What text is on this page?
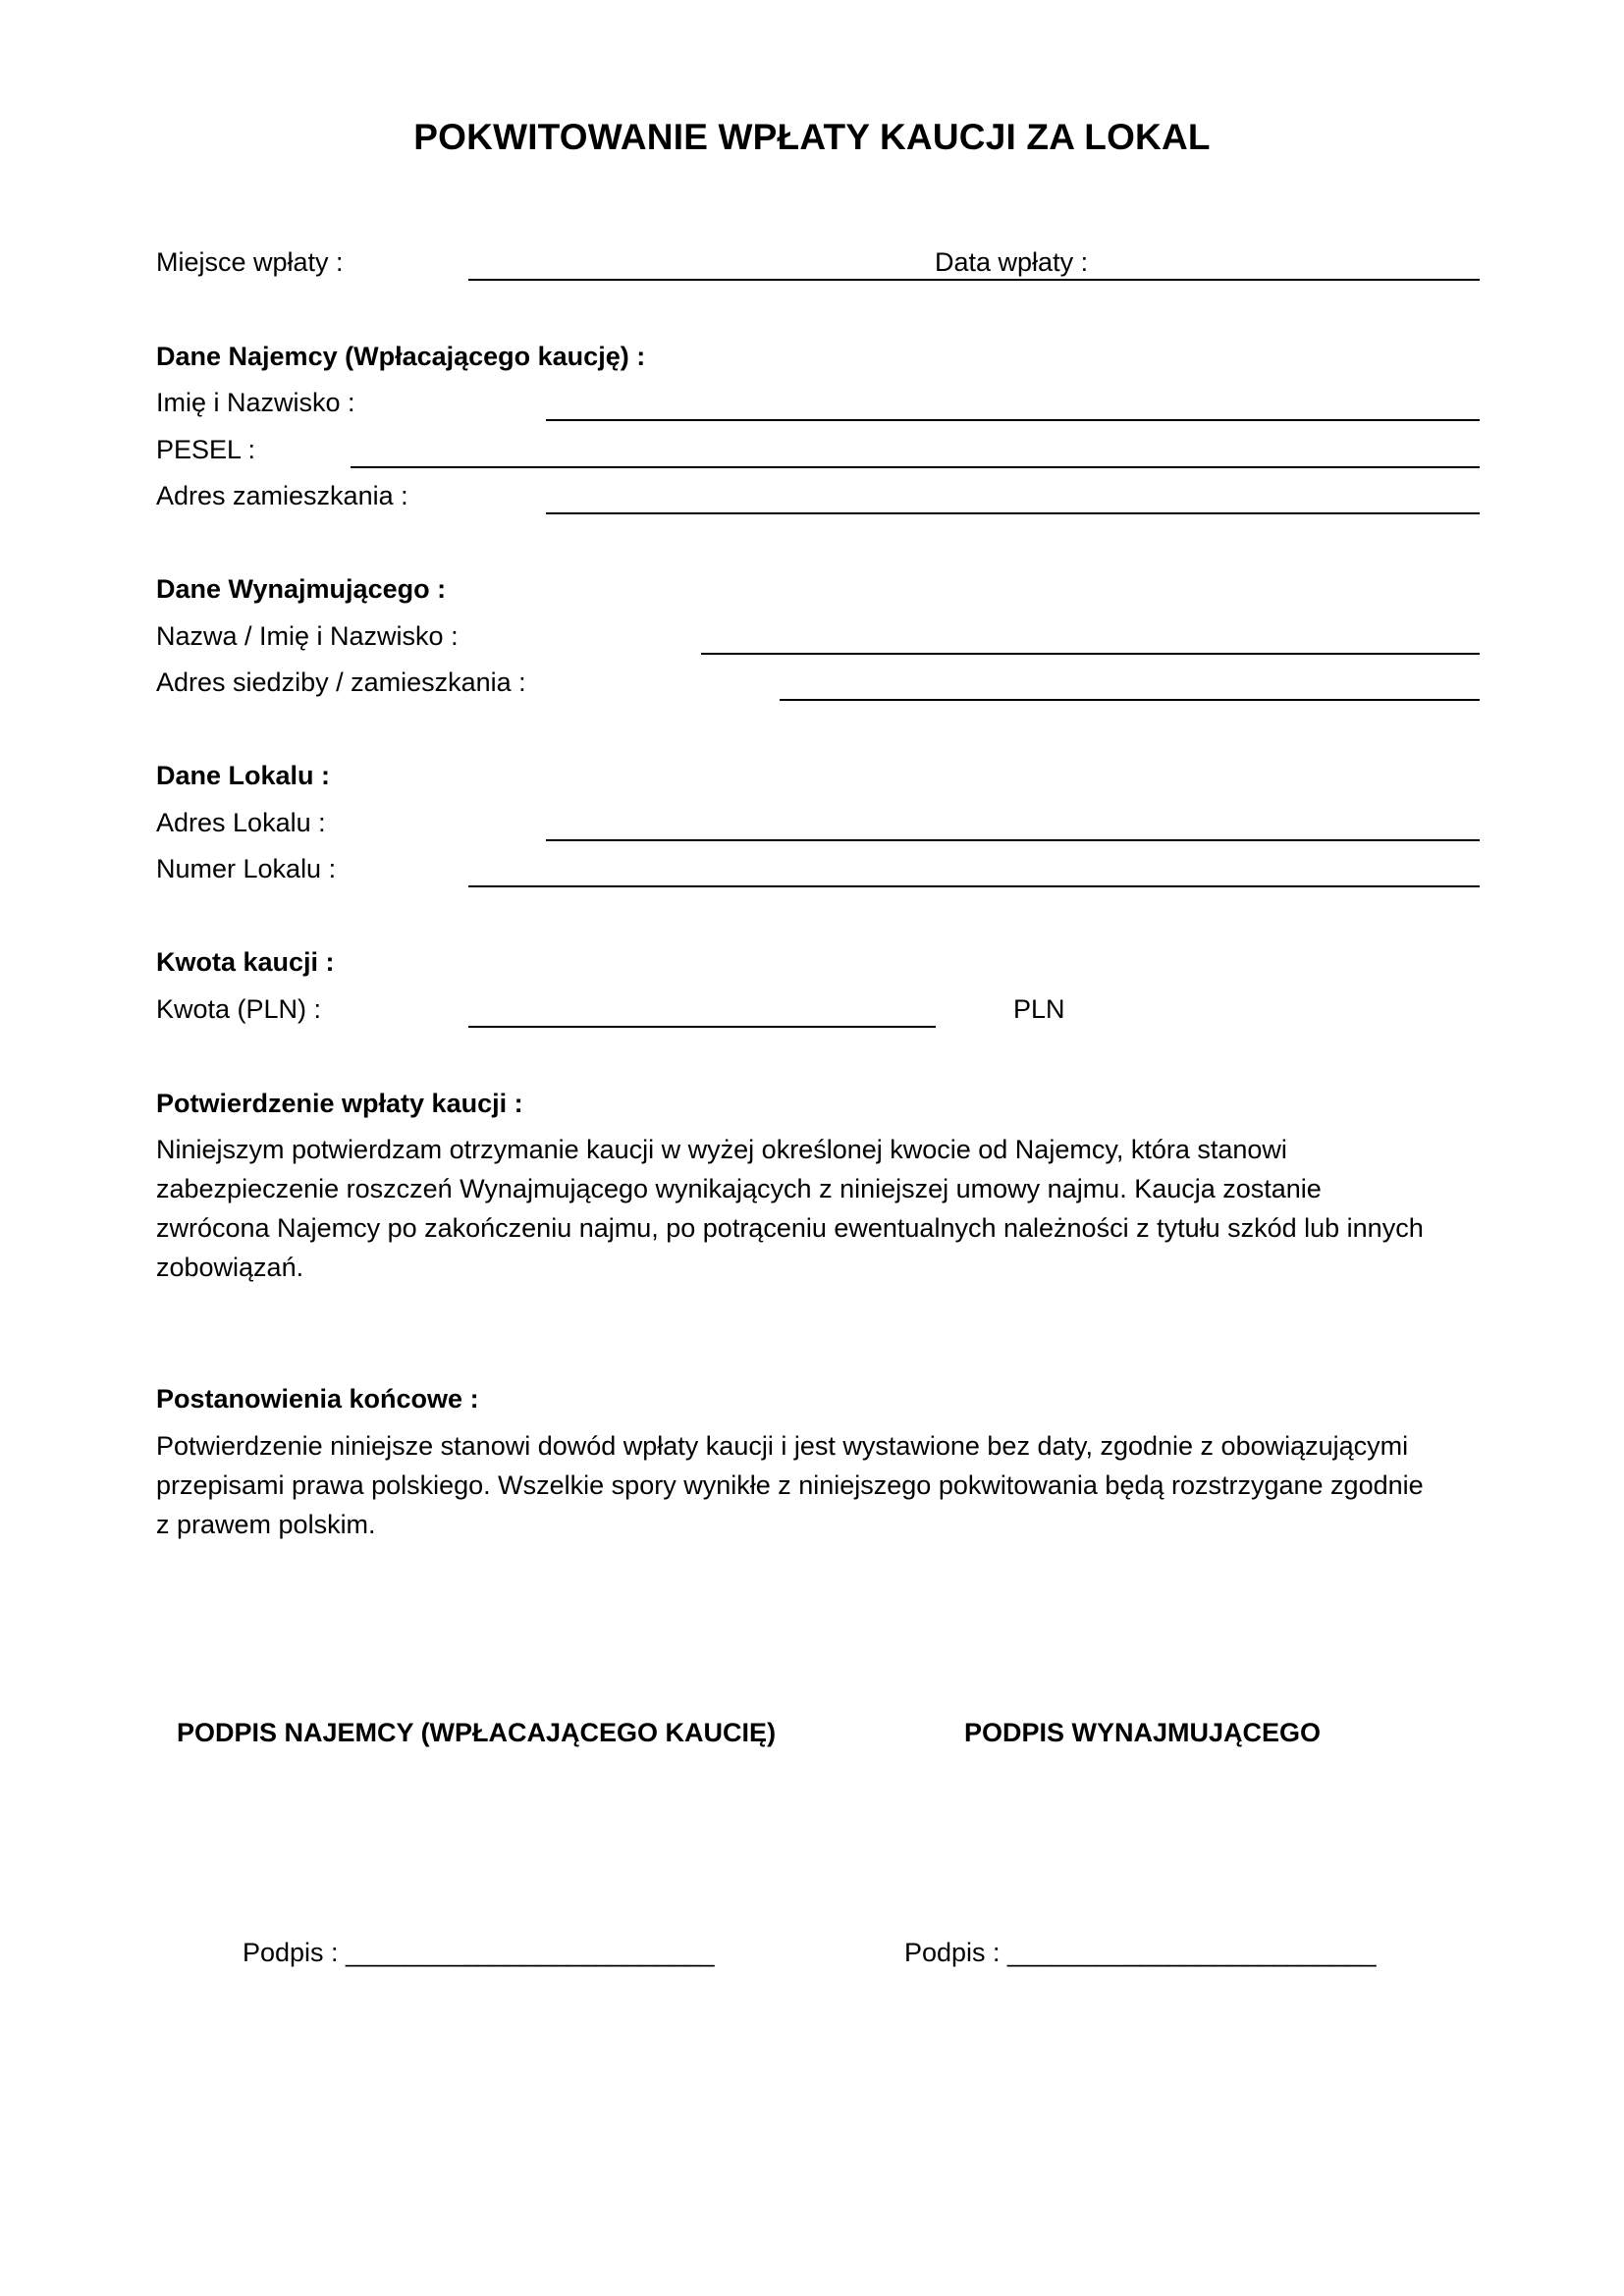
POKWITOWANIE WPŁATY KAUCJI ZA LOKAL
Miejsce wpłaty :	Data wpłaty :
Dane Najemcy (Wpłacającego kaucję) :
Imię i Nazwisko :
PESEL :
Adres zamieszkania :
Dane Wynajmującego :
Nazwa / Imię i Nazwisko :
Adres siedziby / zamieszkania :
Dane Lokalu :
Adres Lokalu :
Numer Lokalu :
Kwota kaucji :
Kwota (PLN) :	PLN
Potwierdzenie wpłaty kaucji :
Niniejszym potwierdzam otrzymanie kaucji w wyżej określonej kwocie od Najemcy, która stanowi
zabezpieczenie roszczeń Wynajmującego wynikających z niniejszej umowy najmu. Kaucja zostanie
zwrócona Najemcy po zakończeniu najmu, po potrąceniu ewentualnych należności z tytułu szkód lub innych
zobowiązań.
Postanowienia końcowe :
Potwierdzenie niniejsze stanowi dowód wpłaty kaucji i jest wystawione bez daty, zgodnie z obowiązującymi
przepisami prawa polskiego. Wszelkie spory wynikłe z niniejszego pokwitowania będą rozstrzygane zgodnie
z prawem polskim.
PODPIS NAJEMCY (WPŁACAJĄCEGO KAUCIĘ)	PODPIS WYNAJMUJĄCEGO
Podpis : _________________________	Podpis : _________________________
